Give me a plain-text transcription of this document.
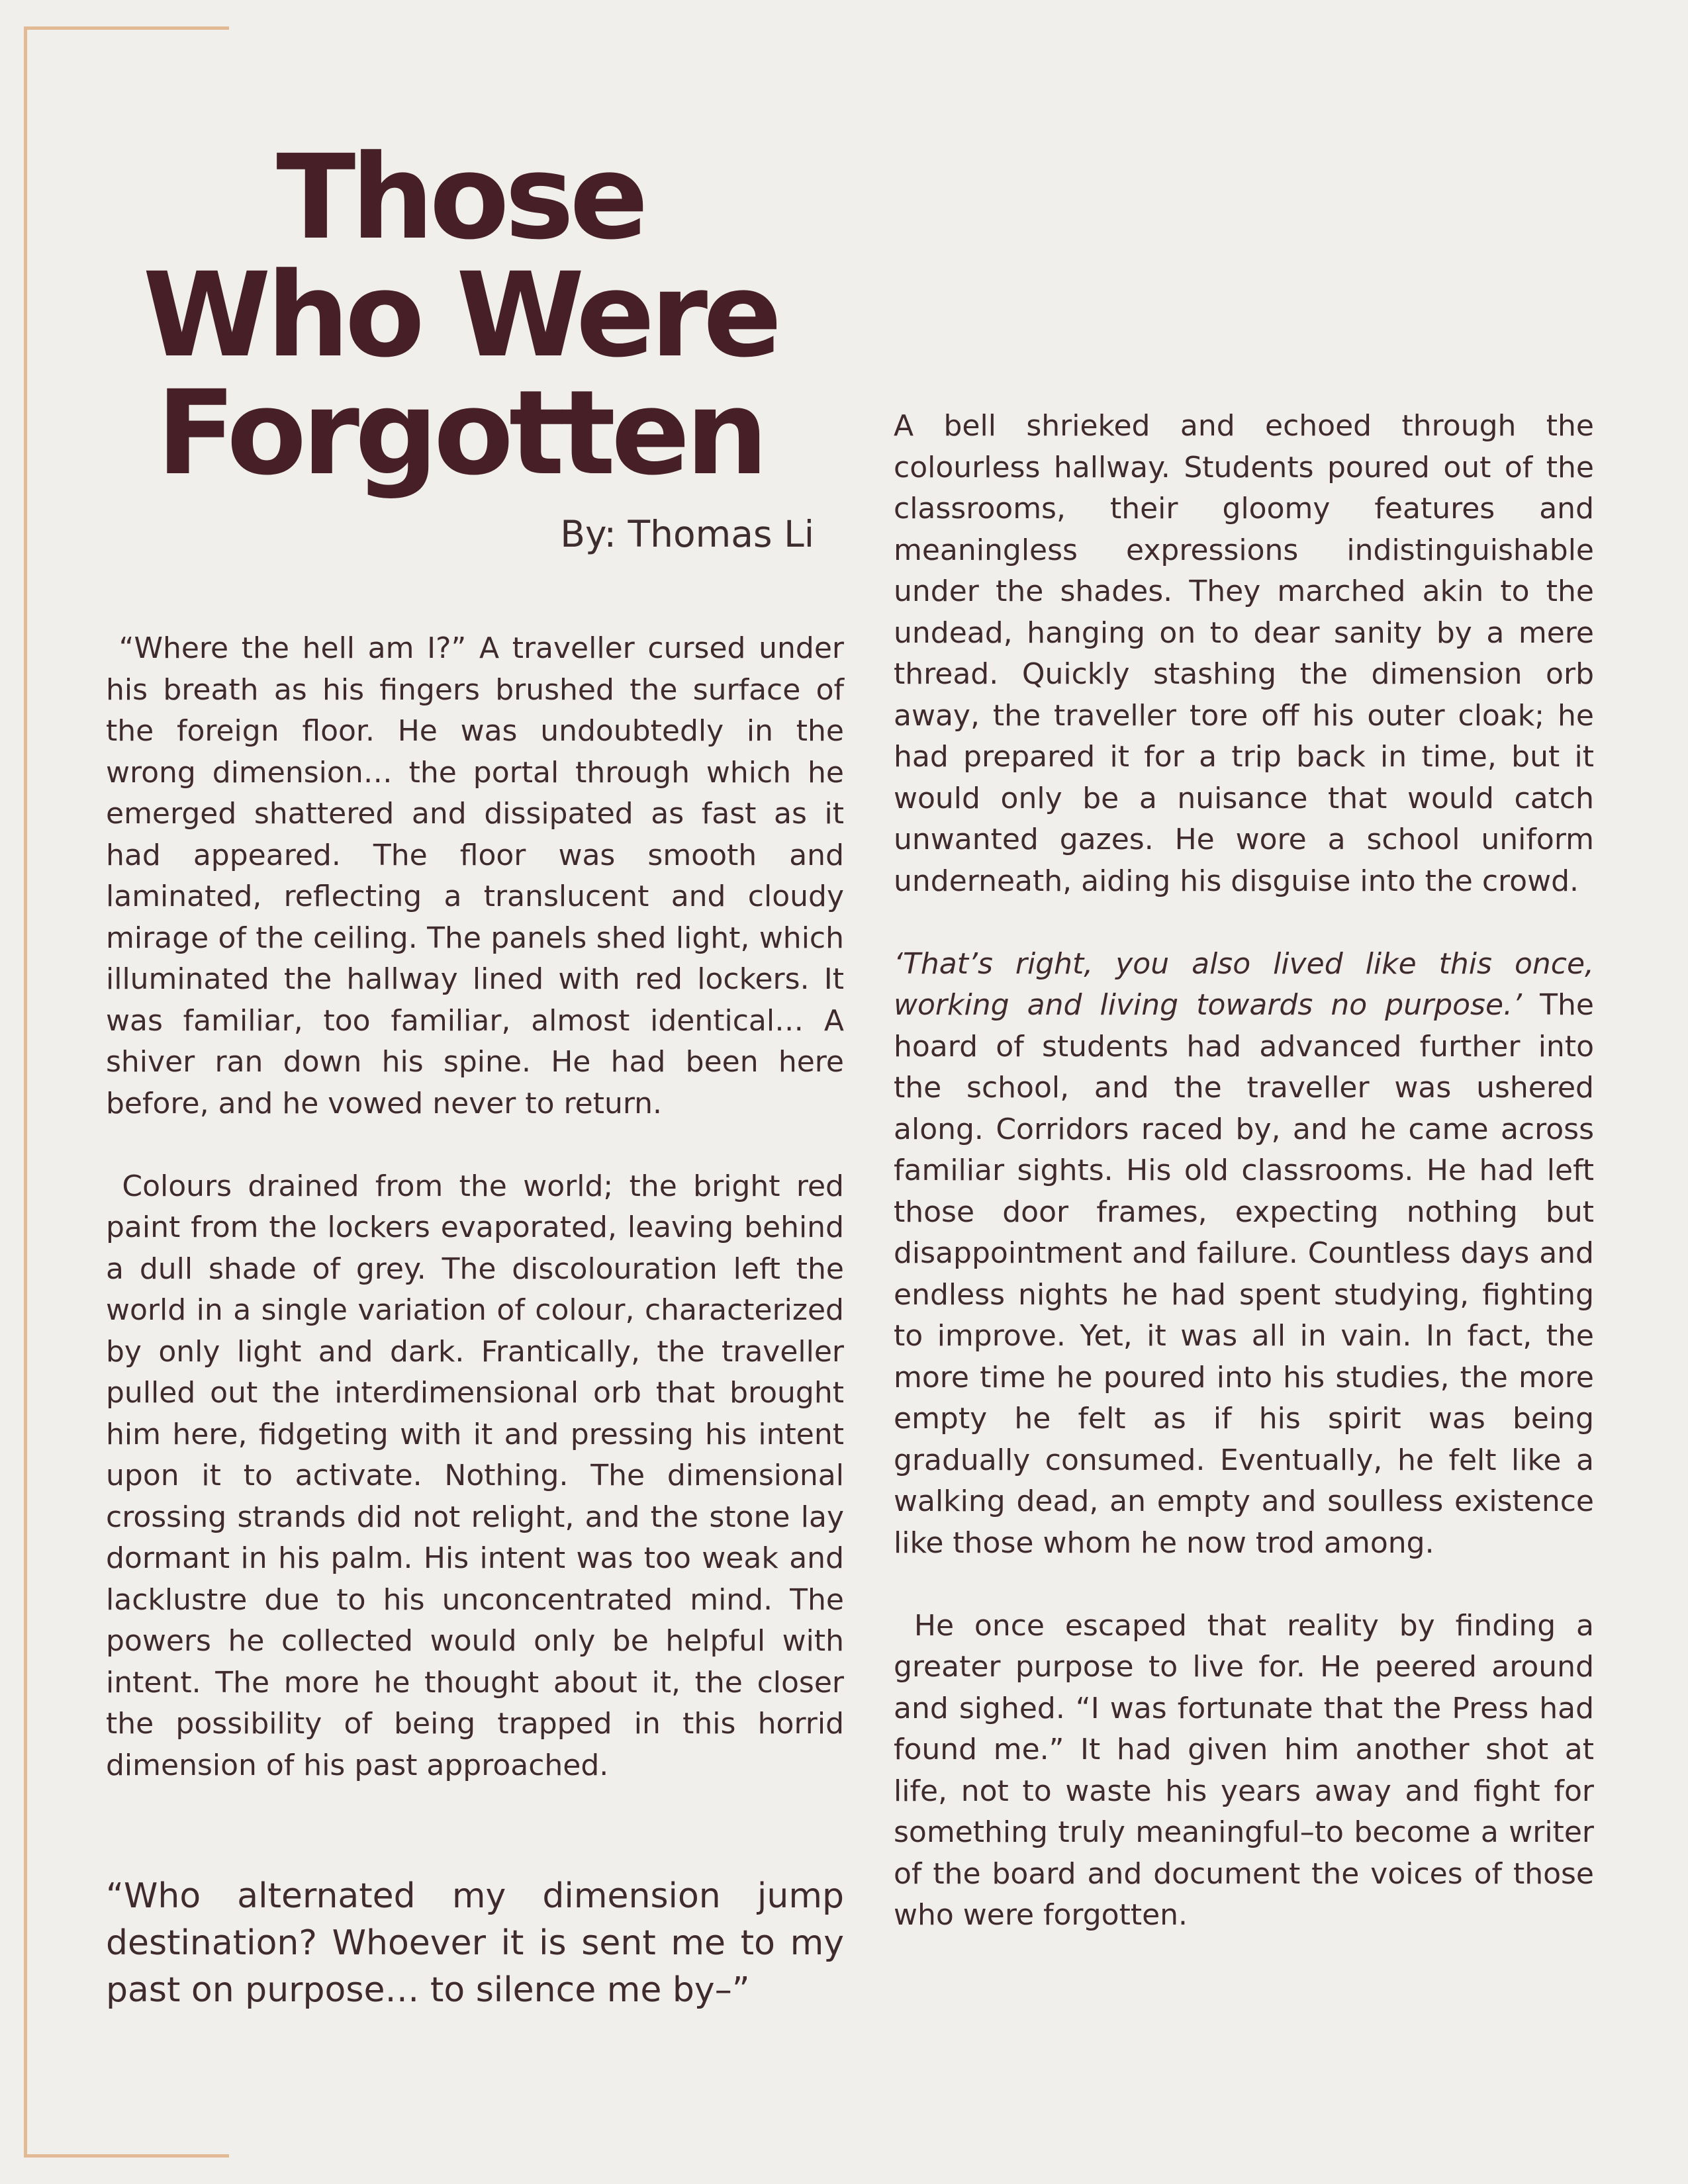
Those
Who Were
Forgotten
By: Thomas Li

“Where the hell am I?” A traveller cursed under his breath as his fingers brushed the surface of the foreign floor. He was undoubtedly in the wrong dimension… the portal through which he emerged shattered and dissipated as fast as it had appeared. The floor was smooth and laminated, reflecting a translucent and cloudy mirage of the ceiling. The panels shed light, which illuminated the hallway lined with red lockers. It was familiar, too familiar, almost identical… A shiver ran down his spine. He had been here before, and he vowed never to return.

Colours drained from the world; the bright red paint from the lockers evaporated, leaving behind a dull shade of grey. The discolouration left the world in a single variation of colour, characterized by only light and dark. Frantically, the traveller pulled out the interdimensional orb that brought him here, fidgeting with it and pressing his intent upon it to activate. Nothing. The dimensional crossing strands did not relight, and the stone lay dormant in his palm. His intent was too weak and lacklustre due to his unconcentrated mind. The powers he collected would only be helpful with intent. The more he thought about it, the closer the possibility of being trapped in this horrid dimension of his past approached.

“Who alternated my dimension jump destination? Whoever it is sent me to my past on purpose… to silence me by–”

A bell shrieked and echoed through the colourless hallway. Students poured out of the classrooms, their gloomy features and meaningless expressions indistinguishable under the shades. They marched akin to the undead, hanging on to dear sanity by a mere thread. Quickly stashing the dimension orb away, the traveller tore off his outer cloak; he had prepared it for a trip back in time, but it would only be a nuisance that would catch unwanted gazes. He wore a school uniform underneath, aiding his disguise into the crowd.

‘That’s right, you also lived like this once, working and living towards no purpose.’ The hoard of students had advanced further into the school, and the traveller was ushered along. Corridors raced by, and he came across familiar sights. His old classrooms. He had left those door frames, expecting nothing but disappointment and failure. Countless days and endless nights he had spent studying, fighting to improve. Yet, it was all in vain. In fact, the more time he poured into his studies, the more empty he felt as if his spirit was being gradually consumed. Eventually, he felt like a walking dead, an empty and soulless existence like those whom he now trod among.

He once escaped that reality by finding a greater purpose to live for. He peered around and sighed. “I was fortunate that the Press had found me.” It had given him another shot at life, not to waste his years away and fight for something truly meaningful–to become a writer of the board and document the voices of those who were forgotten.
